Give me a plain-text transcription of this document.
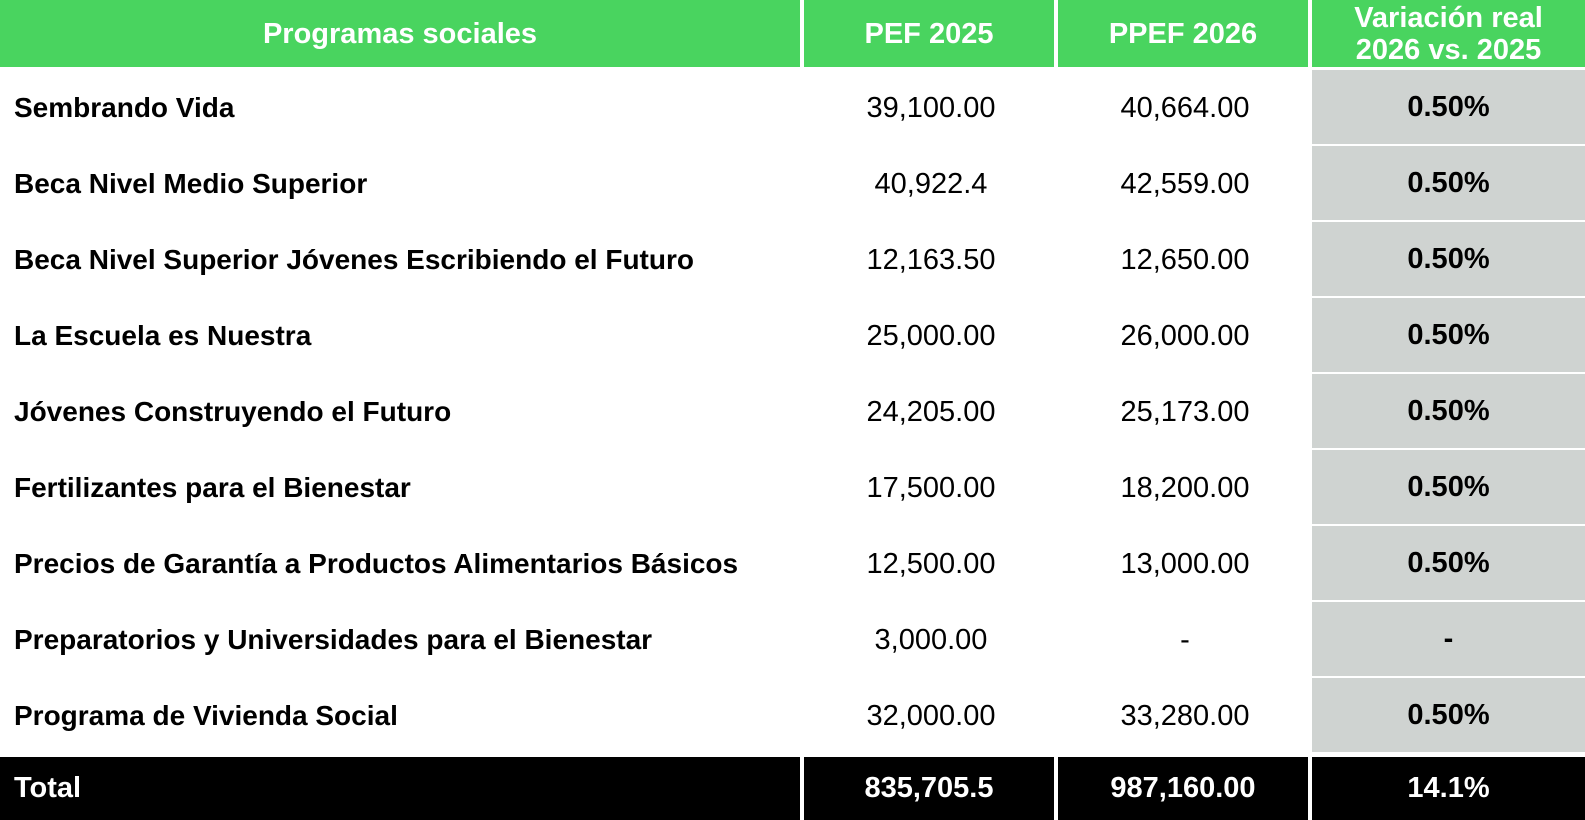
Programas sociales	PEF 2025	PPEF 2026	Variación real
2026 vs. 2025
Sembrando Vida	39,100.00	40,664.00	0.50%
Beca Nivel Medio Superior	40,922.4	42,559.00	0.50%
Beca Nivel Superior Jóvenes Escribiendo el Futuro	12,163.50	12,650.00	0.50%
La Escuela es Nuestra	25,000.00	26,000.00	0.50%
Jóvenes Construyendo el Futuro	24,205.00	25,173.00	0.50%
Fertilizantes para el Bienestar	17,500.00	18,200.00	0.50%
Precios de Garantía a Productos Alimentarios Básicos	12,500.00	13,000.00	0.50%
Preparatorios y Universidades para el Bienestar	3,000.00	-	-
Programa de Vivienda Social	32,000.00	33,280.00	0.50%
Total	835,705.5	987,160.00	14.1%
